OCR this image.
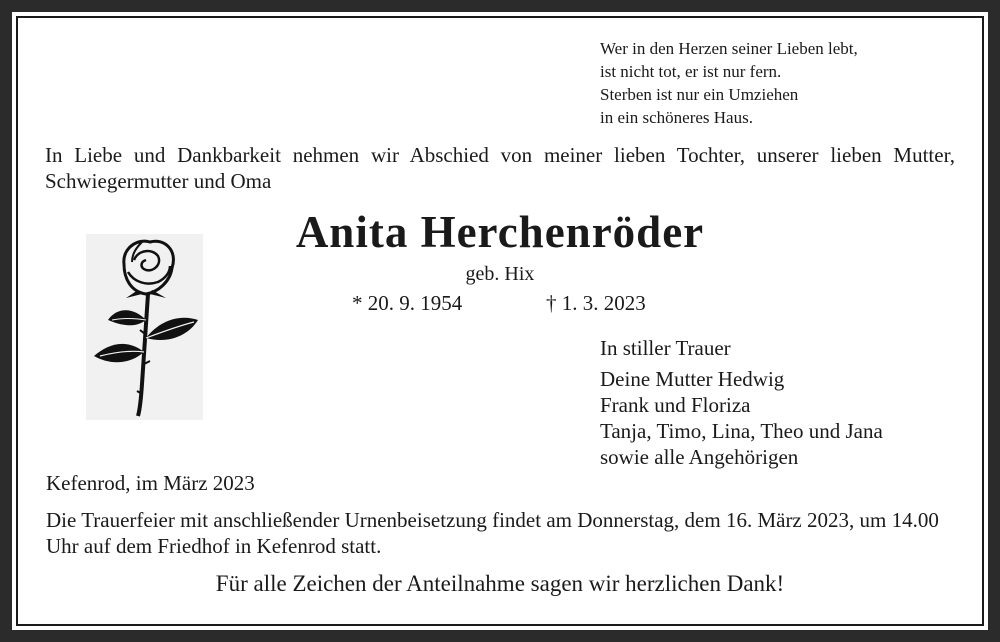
Wer in den Herzen seiner Lieben lebt,
ist nicht tot, er ist nur fern.
Sterben ist nur ein Umziehen
in ein schöneres Haus.
In Liebe und Dankbarkeit nehmen wir Abschied von meiner lieben Tochter, unserer lieben Mutter, Schwiegermutter und Oma
Anita Herchenröder
geb. Hix
* 20. 9. 1954	† 1. 3. 2023
In stiller Trauer
Deine Mutter Hedwig
Frank und Floriza
Tanja, Timo, Lina, Theo und Jana
sowie alle Angehörigen
Kefenrod, im März 2023
Die Trauerfeier mit anschließender Urnenbeisetzung findet am Donnerstag, dem 16. März 2023, um 14.00 Uhr auf dem Friedhof in Kefenrod statt.
Für alle Zeichen der Anteilnahme sagen wir herzlichen Dank!
